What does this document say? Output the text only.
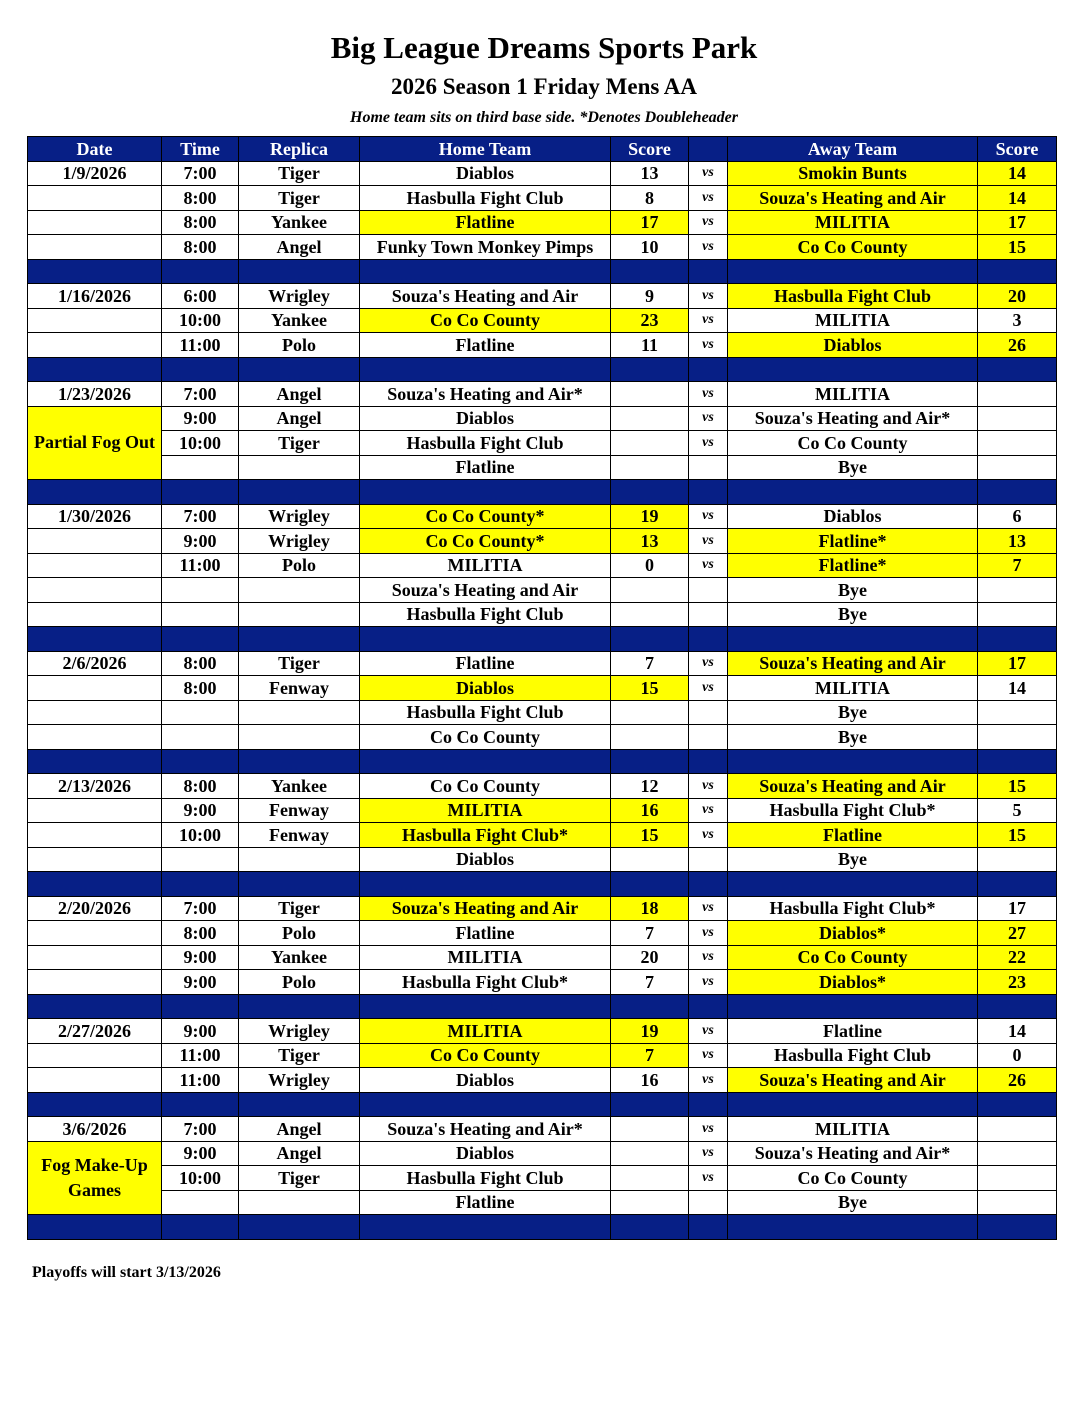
Big League Dreams Sports Park
2026 Season 1 Friday Mens AA
Home team sits on third base side. *Denotes Doubleheader
Date	Time	Replica	Home Team	Score		Away Team	Score
1/9/2026	7:00	Tiger	Diablos	13	vs	Smokin Bunts	14
	8:00	Tiger	Hasbulla Fight Club	8	vs	Souza's Heating and Air	14
	8:00	Yankee	Flatline	17	vs	MILITIA	17
	8:00	Angel	Funky Town Monkey Pimps	10	vs	Co Co County	15

1/16/2026	6:00	Wrigley	Souza's Heating and Air	9	vs	Hasbulla Fight Club	20
	10:00	Yankee	Co Co County	23	vs	MILITIA	3
	11:00	Polo	Flatline	11	vs	Diablos	26

1/23/2026	7:00	Angel	Souza's Heating and Air*		vs	MILITIA	
Partial Fog Out	9:00	Angel	Diablos		vs	Souza's Heating and Air*	
	10:00	Tiger	Hasbulla Fight Club		vs	Co Co County	
			Flatline			Bye	

1/30/2026	7:00	Wrigley	Co Co County*	19	vs	Diablos	6
	9:00	Wrigley	Co Co County*	13	vs	Flatline*	13
	11:00	Polo	MILITIA	0	vs	Flatline*	7
			Souza's Heating and Air			Bye	
			Hasbulla Fight Club			Bye	

2/6/2026	8:00	Tiger	Flatline	7	vs	Souza's Heating and Air	17
	8:00	Fenway	Diablos	15	vs	MILITIA	14
			Hasbulla Fight Club			Bye	
			Co Co County			Bye	

2/13/2026	8:00	Yankee	Co Co County	12	vs	Souza's Heating and Air	15
	9:00	Fenway	MILITIA	16	vs	Hasbulla Fight Club*	5
	10:00	Fenway	Hasbulla Fight Club*	15	vs	Flatline	15
			Diablos			Bye	

2/20/2026	7:00	Tiger	Souza's Heating and Air	18	vs	Hasbulla Fight Club*	17
	8:00	Polo	Flatline	7	vs	Diablos*	27
	9:00	Yankee	MILITIA	20	vs	Co Co County	22
	9:00	Polo	Hasbulla Fight Club*	7	vs	Diablos*	23

2/27/2026	9:00	Wrigley	MILITIA	19	vs	Flatline	14
	11:00	Tiger	Co Co County	7	vs	Hasbulla Fight Club	0
	11:00	Wrigley	Diablos	16	vs	Souza's Heating and Air	26

3/6/2026	7:00	Angel	Souza's Heating and Air*		vs	MILITIA	
Fog Make-Up Games	9:00	Angel	Diablos		vs	Souza's Heating and Air*	
	10:00	Tiger	Hasbulla Fight Club		vs	Co Co County	
			Flatline			Bye	

Playoffs will start 3/13/2026
